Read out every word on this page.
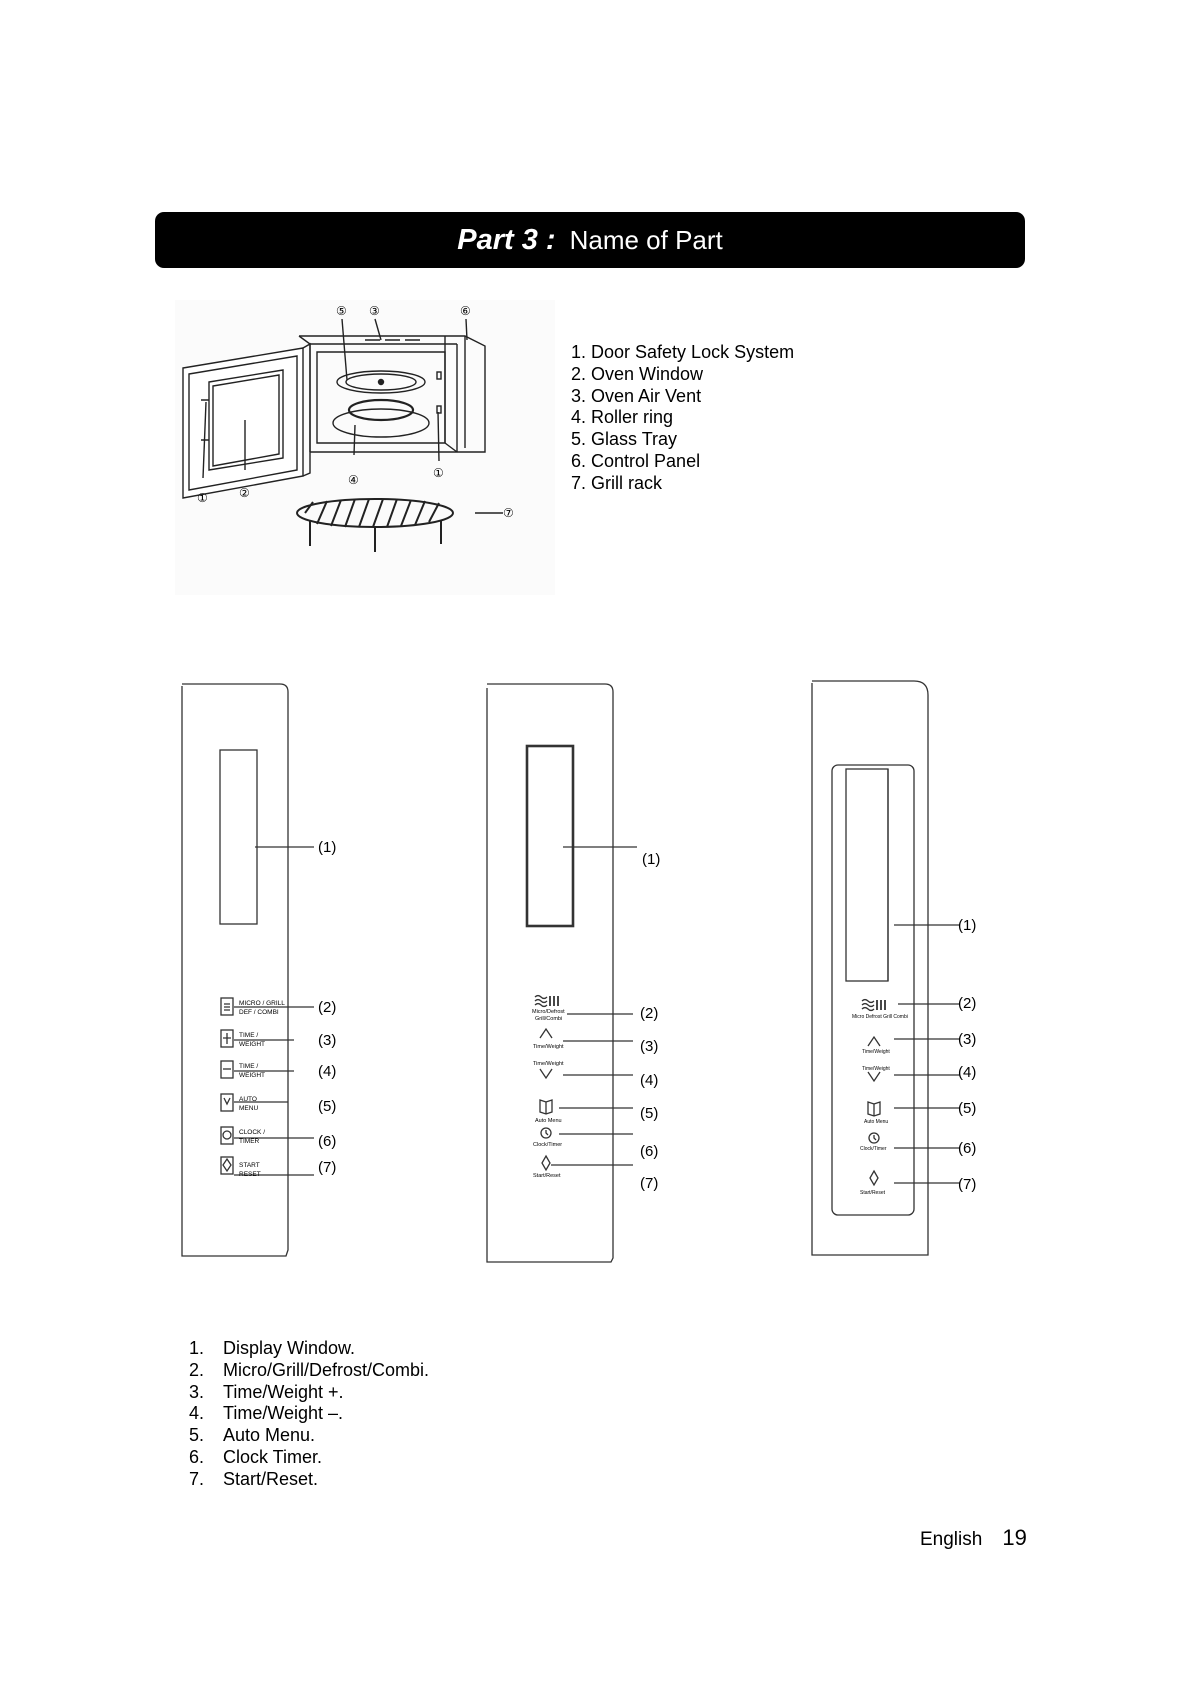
Part 3 : Name of Part
⑤ ③	⑥
④
①	②
①
⑦
1. Door Safety Lock System
2. Oven Window
3. Oven Air Vent
4. Roller ring
5. Glass Tray
6. Control Panel
7. Grill rack
MICRO / GRILL
DEF / COMBI
TIME /
WEIGHT
TIME /
WEIGHT
AUTO
MENU
CLOCK /
TIMER
START
RESET
(1)
(2)
(3)
(4)
(5)
(6)
(7)
Micro/Defrost
Grill/Combi
Time/Weight
Time/Weight
Auto Menu
Clock/Timer
Start/Reset
(1)
(2)
(3)
(4)
(5)
(6)
(7)
Micro Defrost Grill Combi
Time/Weight
Time/Weight
Auto Menu
Clock/Timer
Start/Reset
(1)
(2)
(3)
(4)
(5)
(6)
(7)
1.	Display Window.
2.	Micro/Grill/Defrost/Combi.
3.	Time/Weight +.
4.	Time/Weight –.
5.	Auto Menu.
6.	Clock Timer.
7.	Start/Reset.
English 19
